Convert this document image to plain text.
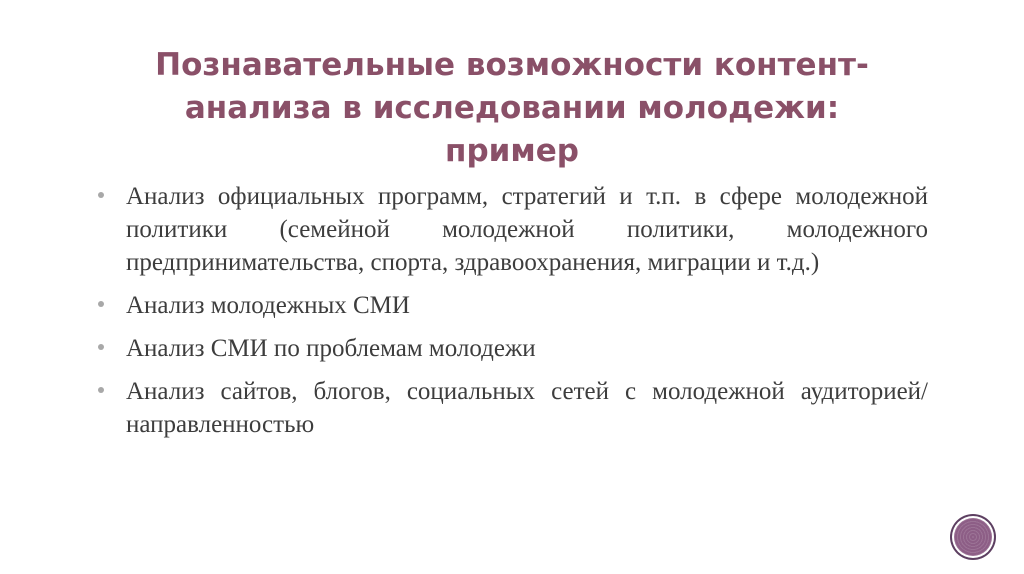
Познавательные возможности контент-
анализа в исследовании молодежи:
пример
Анализ официальных программ, стратегий и т.п. в сфере молодежной политики (семейной молодежной политики, молодежного предпринимательства, спорта, здравоохранения, миграции и т.д.)
Анализ молодежных СМИ
Анализ СМИ по проблемам молодежи
Анализ сайтов, блогов, социальных сетей с молодежной аудиторией/направленностью
